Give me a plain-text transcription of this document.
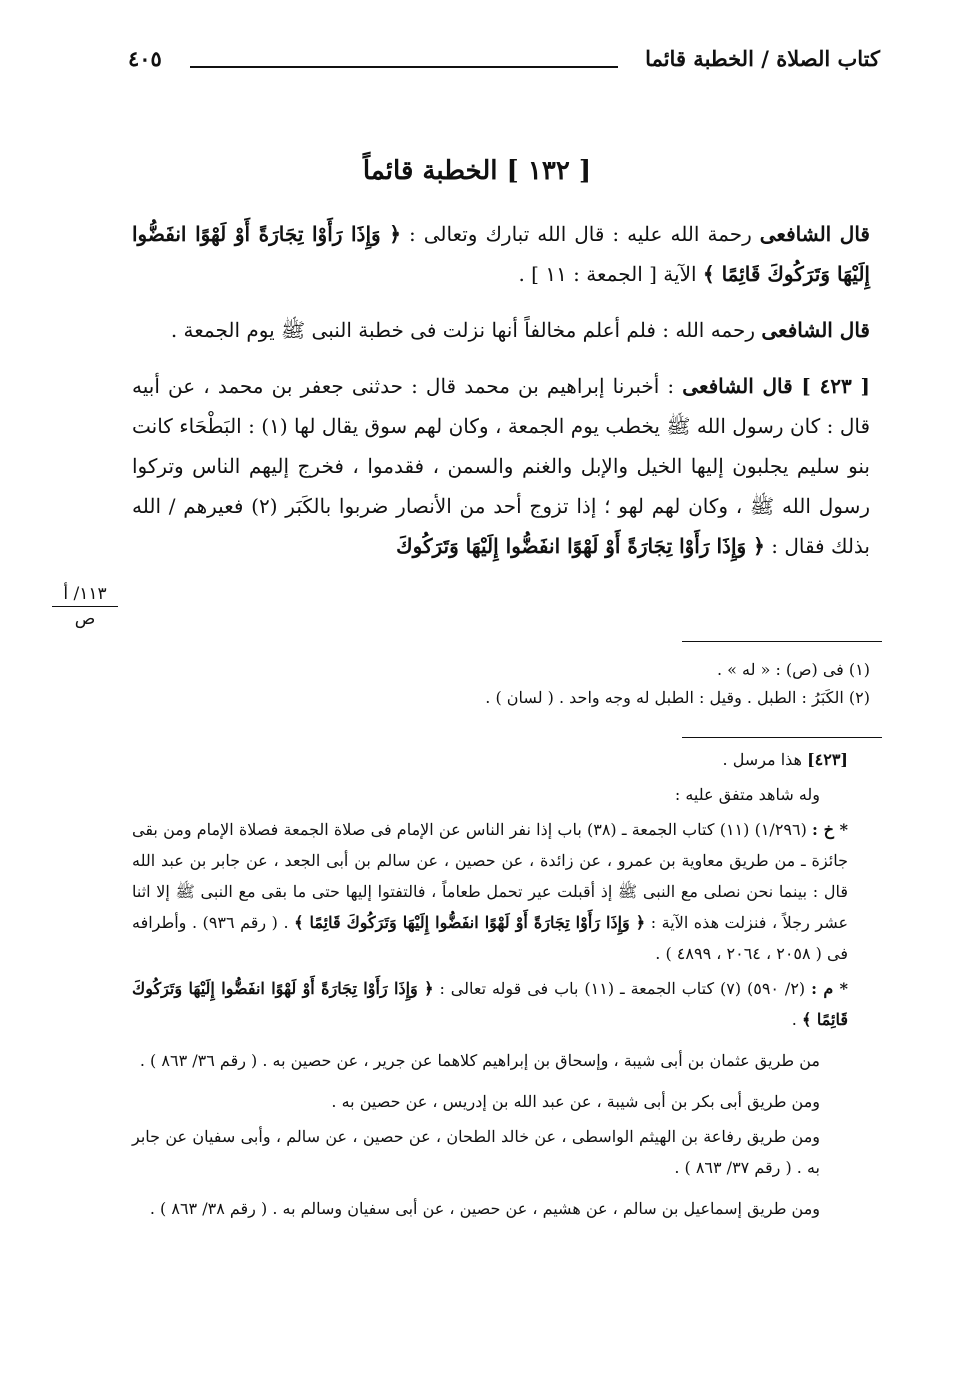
كتاب الصلاة / الخطبة قائما
٤٠٥
[ ١٣٢ ] الخطبة قائماً

قال الشافعى رحمة الله عليه : قال الله تبارك وتعالى : ﴿ وَإِذَا رَأَوْا تِجَارَةً أَوْ لَهْوًا انفَضُّوا إِلَيْهَا وَتَرَكُوكَ قَائِمًا ﴾ الآية [ الجمعة : ١١ ] .

قال الشافعى رحمه الله : فلم أعلم مخالفاً أنها نزلت فى خطبة النبى ﷺ يوم الجمعة .

[ ٤٢٣ ] قال الشافعى : أخبرنا إبراهيم بن محمد قال : حدثنى جعفر بن محمد ، عن أبيه قال : كان رسول الله ﷺ يخطب يوم الجمعة ، وكان لهم سوق يقال لها (١) : البَطْحَاء كانت بنو سليم يجلبون إليها الخيل والإبل والغنم والسمن ، فقدموا ، فخرج إليهم الناس وتركوا رسول الله ﷺ ، وكان لهم لهو ؛ إذا تزوج أحد من الأنصار ضربوا بالكَبَر (٢) فعيرهم / الله بذلك فقال : ﴿ وَإِذَا رَأَوْا تِجَارَةً أَوْ لَهْوًا انفَضُّوا إِلَيْهَا وَتَرَكُوكَ

١١٣/ أ
ص

(١) فى (ص) : « له » .

(٢) الكَبَرُ : الطبل . وقيل : الطبل له وجه واحد . ( لسان ) .

[٤٢٣] هذا مرسل .

وله شاهد متفق عليه :

* خ : (١/٢٩٦) (١١) كتاب الجمعة ـ (٣٨) باب إذا نفر الناس عن الإمام فى صلاة الجمعة فصلاة الإمام ومن بقى جائزة ـ من طريق معاوية بن عمرو ، عن زائدة ، عن حصين ، عن سالم بن أبى الجعد ، عن جابر بن عبد الله قال : بينما نحن نصلى مع النبى ﷺ إذ أقبلت عير تحمل طعاماً ، فالتفتوا إليها حتى ما بقى مع النبى ﷺ إلا اثنا عشر رجلاً ، فنزلت هذه الآية : ﴿ وَإِذَا رَأَوْا تِجَارَةً أَوْ لَهْوًا انفَضُّوا إِلَيْهَا وَتَرَكُوكَ قَائِمًا ﴾ . ( رقم ٩٣٦) . وأطرافه فى ( ٢٠٥٨ ، ٢٠٦٤ ، ٤٨٩٩ ) .

* م : (٢/ ٥٩٠) (٧) كتاب الجمعة ـ (١١) باب فى قوله تعالى : ﴿ وَإِذَا رَأَوْا تِجَارَةً أَوْ لَهْوًا انفَضُّوا إِلَيْهَا وَتَرَكُوكَ قَائِمًا ﴾ .

من طريق عثمان بن أبى شيبة ، وإسحاق بن إبراهيم كلاهما عن جرير ، عن حصين به . ( رقم ٣٦/ ٨٦٣ ) .

ومن طريق أبى بكر بن أبى شيبة ، عن عبد الله بن إدريس ، عن حصين به .

ومن طريق رفاعة بن الهيثم الواسطى ، عن خالد الطحان ، عن حصين ، عن سالم ، وأبى سفيان عن جابر به . ( رقم ٣٧/ ٨٦٣ ) .

ومن طريق إسماعيل بن سالم ، عن هشيم ، عن حصين ، عن أبى سفيان وسالم به . ( رقم ٣٨/ ٨٦٣ ) .
